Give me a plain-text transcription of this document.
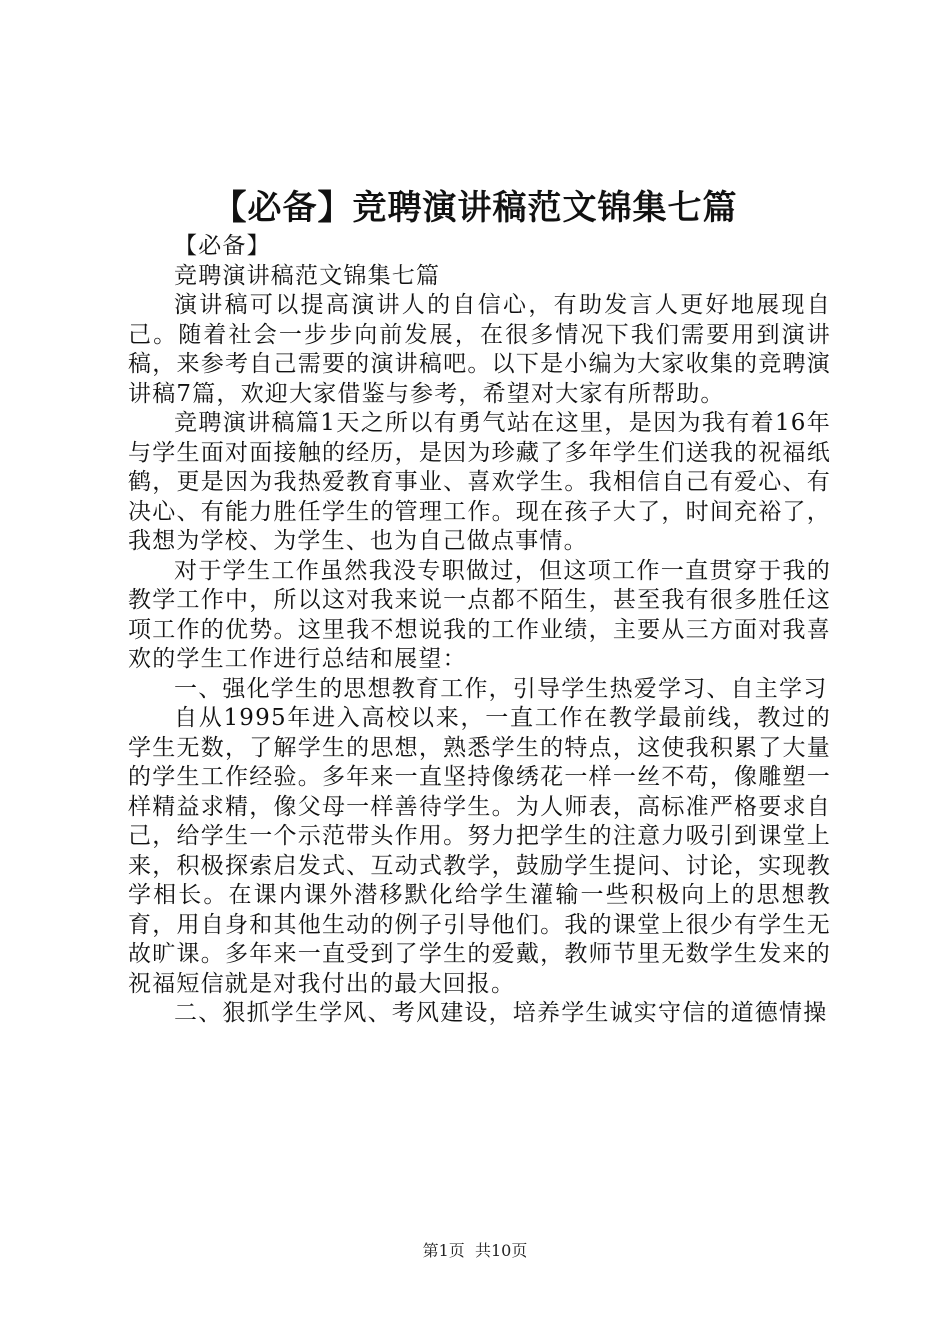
【必备】竞聘演讲稿范文锦集七篇

【必备】

竞聘演讲稿范文锦集七篇

演讲稿可以提高演讲人的自信心，有助发言人更好地展现自己。随着社会一步步向前发展，在很多情况下我们需要用到演讲稿，来参考自己需要的演讲稿吧。以下是小编为大家收集的竞聘演讲稿7篇，欢迎大家借鉴与参考，希望对大家有所帮助。

竞聘演讲稿篇1天之所以有勇气站在这里，是因为我有着16年与学生面对面接触的经历，是因为珍藏了多年学生们送我的祝福纸鹤，更是因为我热爱教育事业、喜欢学生。我相信自己有爱心、有决心、有能力胜任学生的管理工作。现在孩子大了，时间充裕了，我想为学校、为学生、也为自己做点事情。

对于学生工作虽然我没专职做过，但这项工作一直贯穿于我的教学工作中，所以这对我来说一点都不陌生，甚至我有很多胜任这项工作的优势。这里我不想说我的工作业绩，主要从三方面对我喜欢的学生工作进行总结和展望：

一、强化学生的思想教育工作，引导学生热爱学习、自主学习

自从1995年进入高校以来，一直工作在教学最前线，教过的学生无数，了解学生的思想，熟悉学生的特点，这使我积累了大量的学生工作经验。多年来一直坚持像绣花一样一丝不苟，像雕塑一样精益求精，像父母一样善待学生。为人师表，高标准严格要求自己，给学生一个示范带头作用。努力把学生的注意力吸引到课堂上来，积极探索启发式、互动式教学，鼓励学生提问、讨论，实现教学相长。在课内课外潜移默化给学生灌输一些积极向上的思想教育，用自身和其他生动的例子引导他们。我的课堂上很少有学生无故旷课。多年来一直受到了学生的爱戴，教师节里无数学生发来的祝福短信就是对我付出的最大回报。

二、狠抓学生学风、考风建设，培养学生诚实守信的道德情操

第1页 共10页
